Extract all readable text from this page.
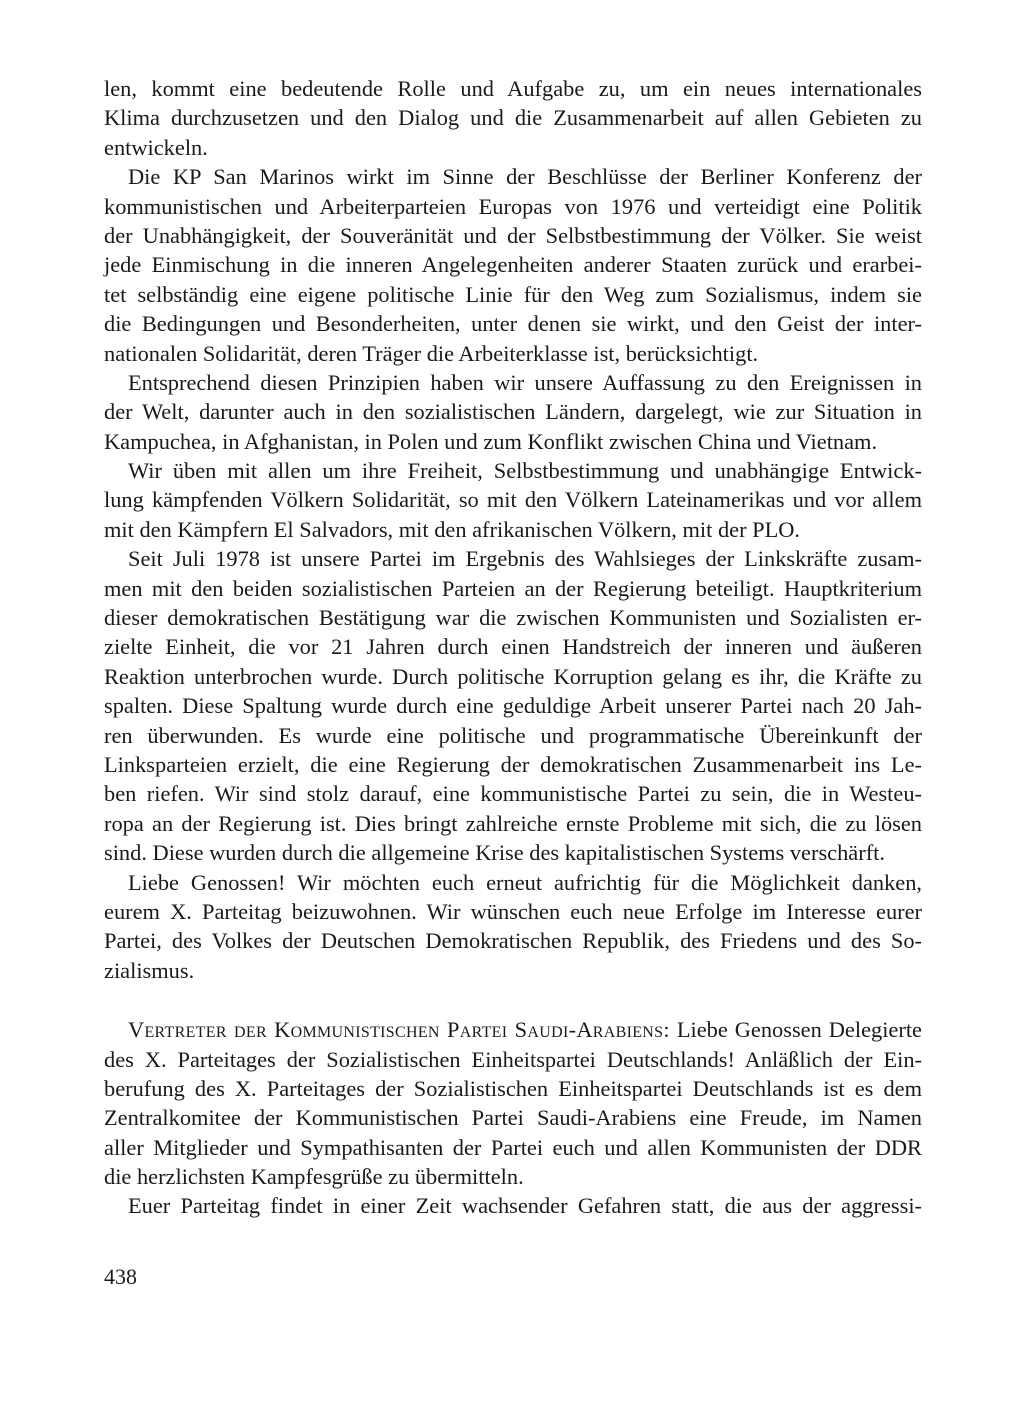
len, kommt eine bedeutende Rolle und Aufgabe zu, um ein neues internationales
Klima durchzusetzen und den Dialog und die Zusammenarbeit auf allen Gebieten zu
entwickeln.
Die KP San Marinos wirkt im Sinne der Beschlüsse der Berliner Konferenz der
kommunistischen und Arbeiterparteien Europas von 1976 und verteidigt eine Politik
der Unabhängigkeit, der Souveränität und der Selbstbestimmung der Völker. Sie weist
jede Einmischung in die inneren Angelegenheiten anderer Staaten zurück und erarbei-
tet selbständig eine eigene politische Linie für den Weg zum Sozialismus, indem sie
die Bedingungen und Besonderheiten, unter denen sie wirkt, und den Geist der inter-
nationalen Solidarität, deren Träger die Arbeiterklasse ist, berücksichtigt.
Entsprechend diesen Prinzipien haben wir unsere Auffassung zu den Ereignissen in
der Welt, darunter auch in den sozialistischen Ländern, dargelegt, wie zur Situation in
Kampuchea, in Afghanistan, in Polen und zum Konflikt zwischen China und Vietnam.
Wir üben mit allen um ihre Freiheit, Selbstbestimmung und unabhängige Entwick-
lung kämpfenden Völkern Solidarität, so mit den Völkern Lateinamerikas und vor allem
mit den Kämpfern El Salvadors, mit den afrikanischen Völkern, mit der PLO.
Seit Juli 1978 ist unsere Partei im Ergebnis des Wahlsieges der Linkskräfte zusam-
men mit den beiden sozialistischen Parteien an der Regierung beteiligt. Hauptkriterium
dieser demokratischen Bestätigung war die zwischen Kommunisten und Sozialisten er-
zielte Einheit, die vor 21 Jahren durch einen Handstreich der inneren und äußeren
Reaktion unterbrochen wurde. Durch politische Korruption gelang es ihr, die Kräfte zu
spalten. Diese Spaltung wurde durch eine geduldige Arbeit unserer Partei nach 20 Jah-
ren überwunden. Es wurde eine politische und programmatische Übereinkunft der
Linksparteien erzielt, die eine Regierung der demokratischen Zusammenarbeit ins Le-
ben riefen. Wir sind stolz darauf, eine kommunistische Partei zu sein, die in Westeu-
ropa an der Regierung ist. Dies bringt zahlreiche ernste Probleme mit sich, die zu lösen
sind. Diese wurden durch die allgemeine Krise des kapitalistischen Systems verschärft.
Liebe Genossen! Wir möchten euch erneut aufrichtig für die Möglichkeit danken,
eurem X. Parteitag beizuwohnen. Wir wünschen euch neue Erfolge im Interesse eurer
Partei, des Volkes der Deutschen Demokratischen Republik, des Friedens und des So-
zialismus.
Vertreter der Kommunistischen Partei Saudi-Arabiens: Liebe Genossen Delegierte
des X. Parteitages der Sozialistischen Einheitspartei Deutschlands! Anläßlich der Ein-
berufung des X. Parteitages der Sozialistischen Einheitspartei Deutschlands ist es dem
Zentralkomitee der Kommunistischen Partei Saudi-Arabiens eine Freude, im Namen
aller Mitglieder und Sympathisanten der Partei euch und allen Kommunisten der DDR
die herzlichsten Kampfesgrüße zu übermitteln.
Euer Parteitag findet in einer Zeit wachsender Gefahren statt, die aus der aggressi-
438
